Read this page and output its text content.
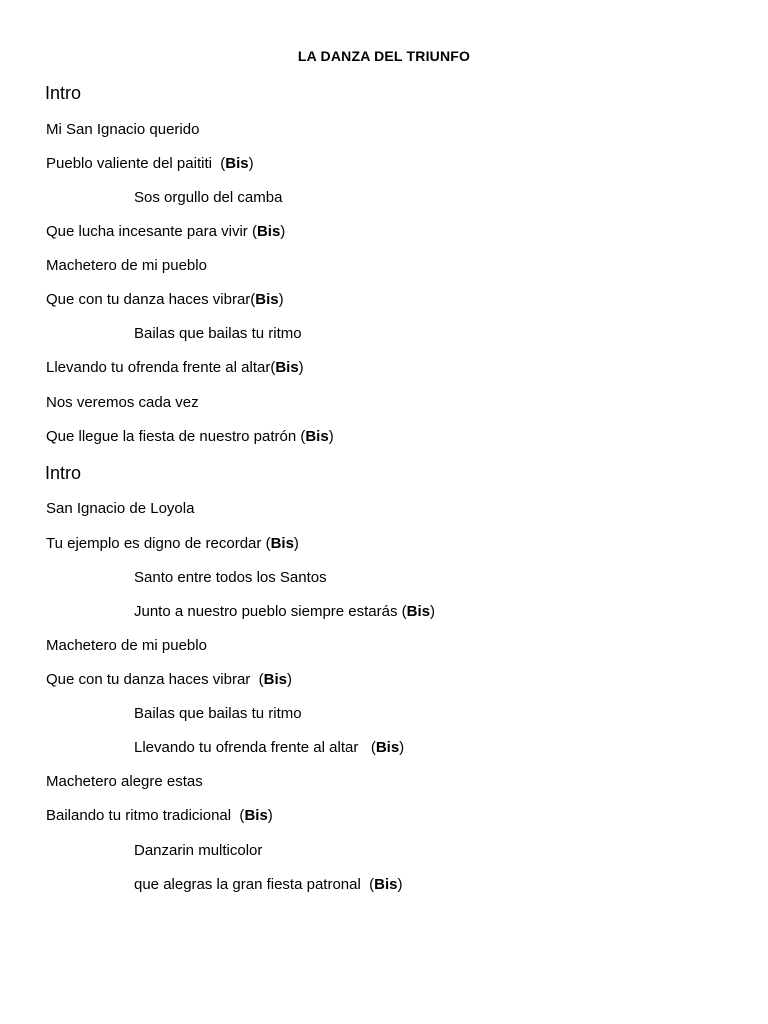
LA DANZA DEL TRIUNFO
Intro
Mi San Ignacio querido
Pueblo valiente del paititi  (Bis)
Sos orgullo del camba
Que lucha incesante para vivir (Bis)
Machetero de mi pueblo
Que con tu danza haces vibrar(Bis)
Bailas que bailas tu ritmo
Llevando tu ofrenda frente al altar(Bis)
Nos veremos cada vez
Que llegue la fiesta de nuestro patrón (Bis)
Intro
San Ignacio de Loyola
Tu ejemplo es digno de recordar (Bis)
Santo entre todos los Santos
Junto a nuestro pueblo siempre estarás (Bis)
Machetero de mi pueblo
Que con tu danza haces vibrar  (Bis)
Bailas que bailas tu ritmo
Llevando tu ofrenda frente al altar   (Bis)
Machetero alegre estas
Bailando tu ritmo tradicional  (Bis)
Danzarin multicolor
que alegras la gran fiesta patronal  (Bis)
